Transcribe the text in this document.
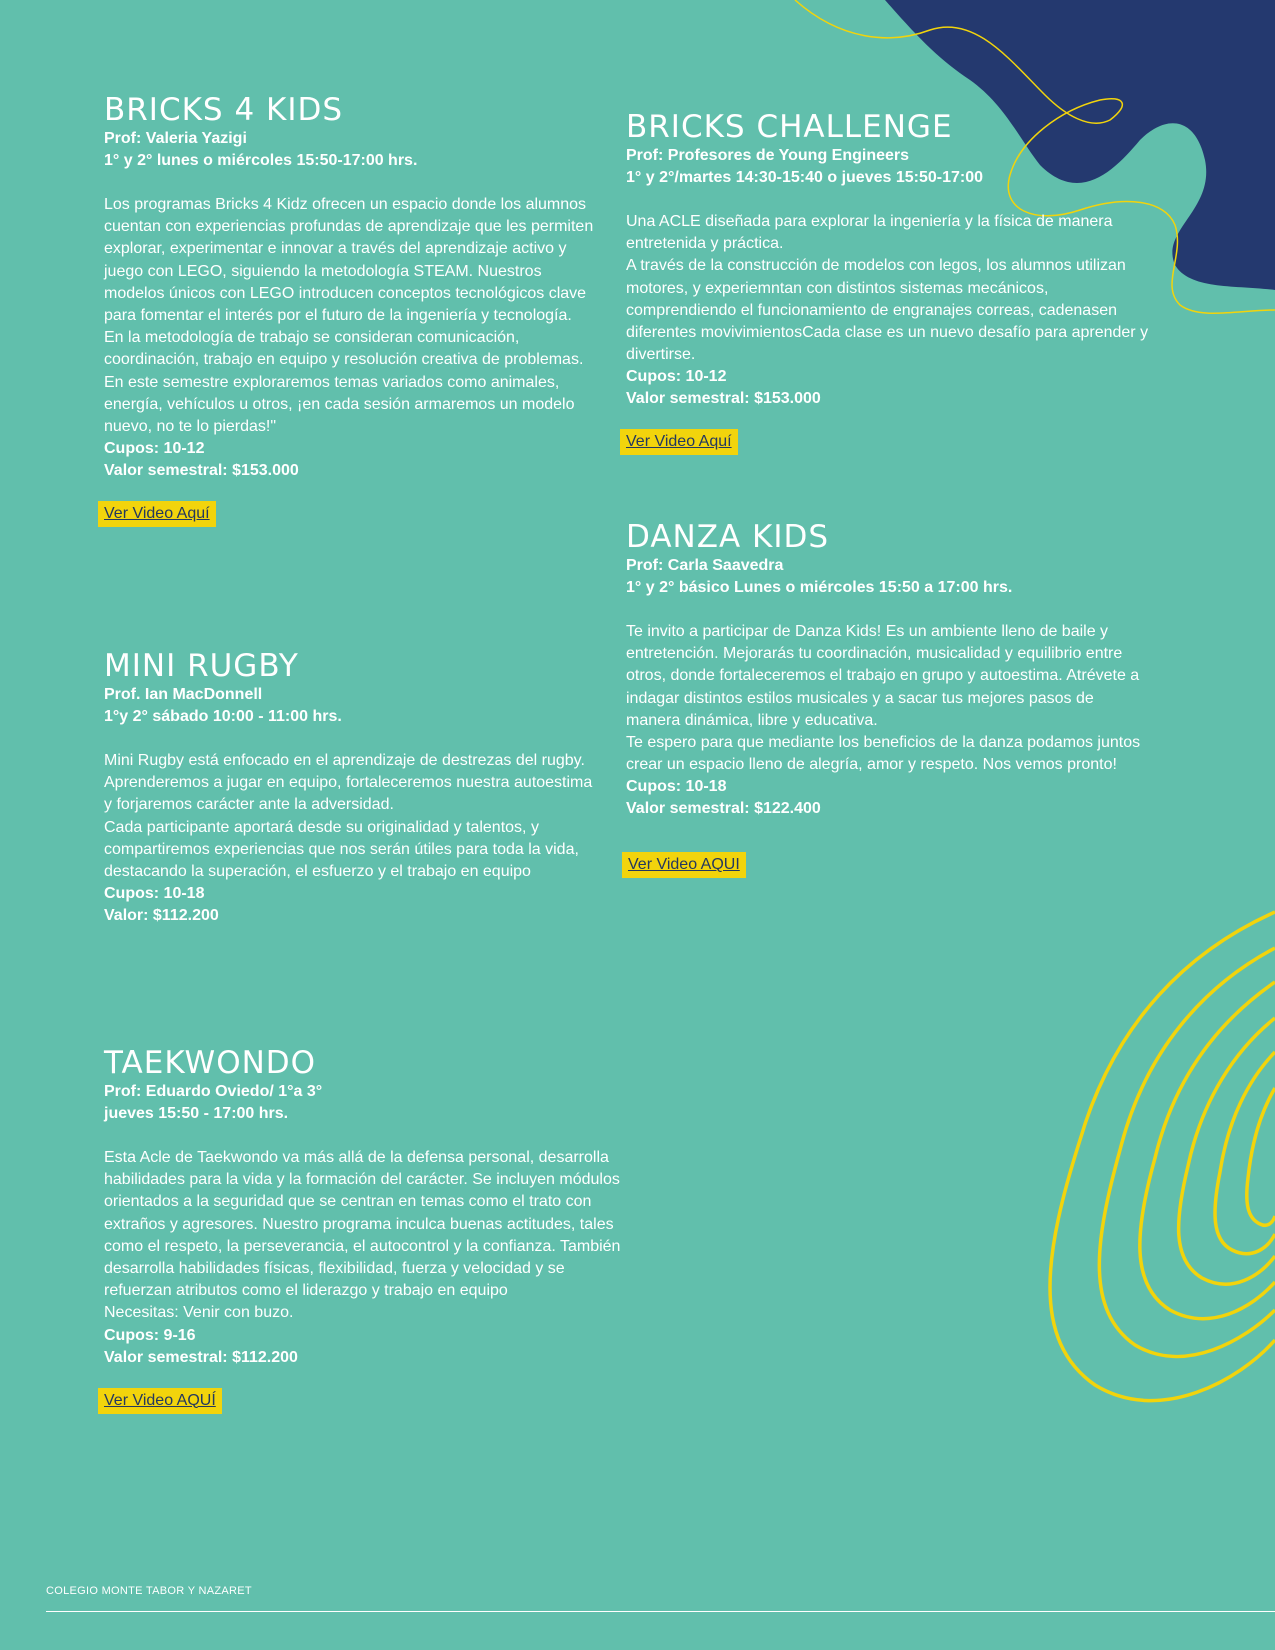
BRICKS 4 KIDS
Prof: Valeria Yazigi
1° y 2° lunes o miércoles 15:50-17:00 hrs.
Los programas Bricks 4 Kidz ofrecen un espacio donde los alumnos cuentan con experiencias profundas de aprendizaje que les permiten explorar, experimentar e innovar a través del aprendizaje activo y juego con LEGO, siguiendo la metodología STEAM. Nuestros modelos únicos con LEGO introducen conceptos tecnológicos clave para fomentar el interés por el futuro de la ingeniería y tecnología. En la metodología de trabajo se consideran comunicación, coordinación, trabajo en equipo y resolución creativa de problemas. En este semestre exploraremos temas variados como animales, energía, vehículos u otros, ¡en cada sesión armaremos un modelo nuevo, no te lo pierdas!"
Cupos: 10-12
Valor semestral: $153.000
Ver Video Aquí
BRICKS CHALLENGE
Prof: Profesores de Young Engineers
1° y 2°/martes 14:30-15:40 o jueves 15:50-17:00
Una ACLE diseñada para explorar la ingeniería y la física de manera entretenida y práctica.
A través de la construcción de modelos con legos, los alumnos utilizan motores, y experiemntan con distintos sistemas mecánicos, comprendiendo el funcionamiento de engranajes correas, cadenasen diferentes movivimientosCada clase es un nuevo desafío para aprender y divertirse.
Cupos: 10-12
Valor semestral: $153.000
Ver Video Aquí
MINI RUGBY
Prof. Ian MacDonnell
1°y 2° sábado 10:00 - 11:00 hrs.
Mini Rugby está enfocado en el aprendizaje de destrezas del rugby. Aprenderemos a jugar en equipo, fortaleceremos nuestra autoestima y forjaremos carácter ante la adversidad.
Cada participante aportará desde su originalidad y talentos, y compartiremos experiencias que nos serán útiles para toda la vida, destacando la superación, el esfuerzo y el trabajo en equipo
Cupos: 10-18
Valor: $112.200
DANZA KIDS
Prof: Carla Saavedra
1° y 2° básico Lunes o miércoles 15:50 a 17:00 hrs.
Te invito a participar de Danza Kids! Es un ambiente lleno de baile y entretención. Mejorarás tu coordinación, musicalidad y equilibrio entre otros, donde fortaleceremos el trabajo en grupo y autoestima. Atrévete a indagar distintos estilos musicales y a sacar tus mejores pasos de manera dinámica, libre y educativa.
Te espero para que mediante los beneficios de la danza podamos juntos crear un espacio lleno de alegría, amor y respeto. Nos vemos pronto!
Cupos: 10-18
Valor semestral: $122.400
Ver Video AQUI
TAEKWONDO
Prof: Eduardo Oviedo/ 1°a 3°
jueves 15:50 - 17:00 hrs.
Esta Acle de Taekwondo va más allá de la defensa personal, desarrolla habilidades para la vida y la formación del carácter. Se incluyen módulos orientados a la seguridad que se centran en temas como el trato con extraños y agresores. Nuestro programa inculca buenas actitudes, tales como el respeto, la perseverancia, el autocontrol y la confianza. También desarrolla habilidades físicas, flexibilidad, fuerza y velocidad y se refuerzan atributos como el liderazgo y trabajo en equipo
Necesitas: Venir con buzo.
Cupos: 9-16
Valor semestral: $112.200
Ver Video AQUÍ
COLEGIO MONTE TABOR Y NAZARET
